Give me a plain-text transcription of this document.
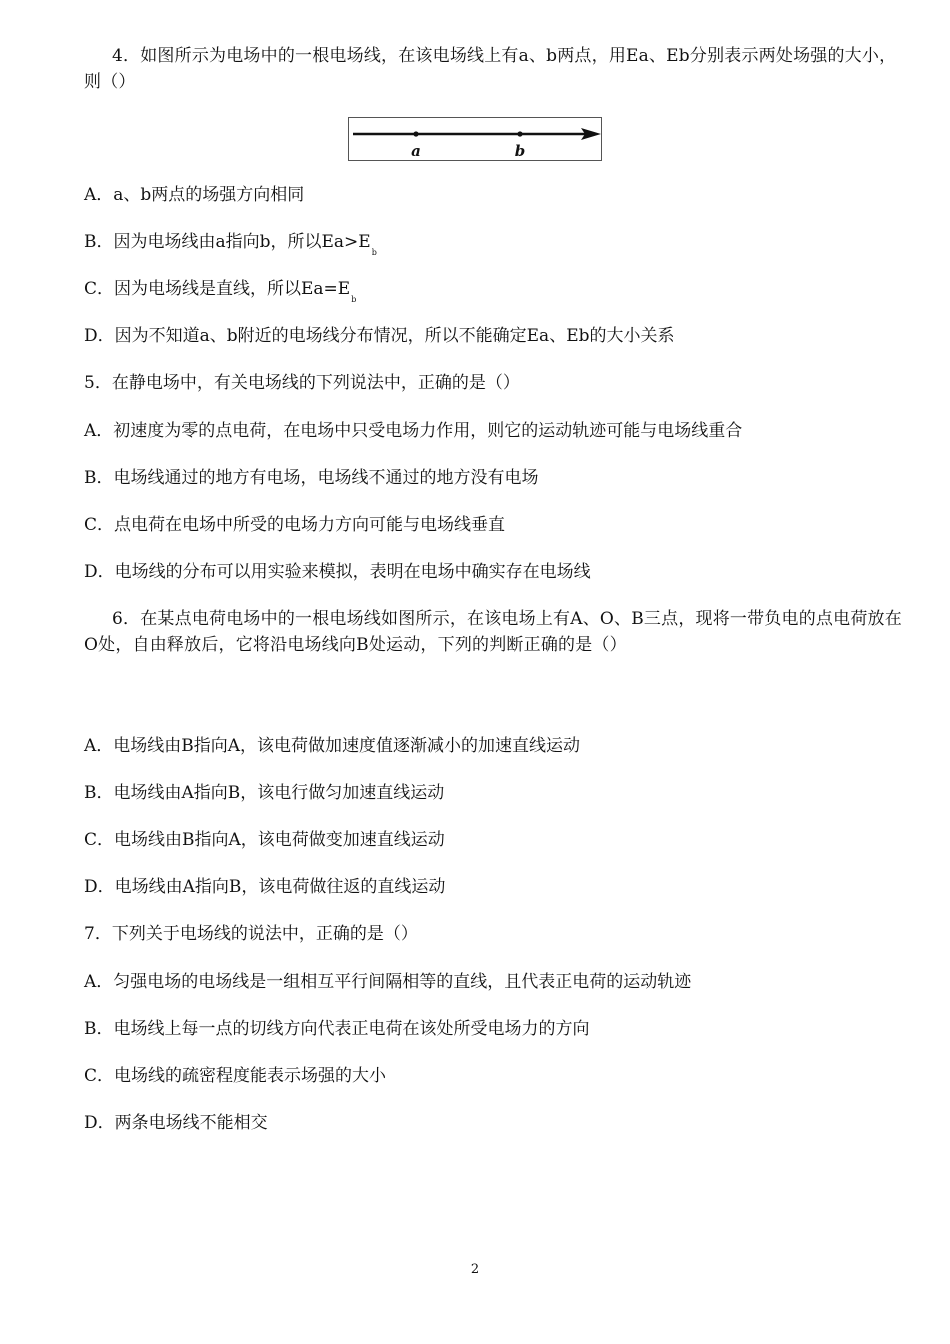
4．如图所示为电场中的一根电场线，在该电场线上有a、b两点，用Ea、Eb分别表示两处场强的大小，则（）
a	b
A．a、b两点的场强方向相同
B．因为电场线由a指向b，所以$Ea>E_b$
C．因为电场线是直线，所以$Ea=E_b$
D．因为不知道a、b附近的电场线分布情况，所以不能确定Ea、Eb的大小关系
5．在静电场中，有关电场线的下列说法中，正确的是（）
A．初速度为零的点电荷，在电场中只受电场力作用，则它的运动轨迹可能与电场线重合
B．电场线通过的地方有电场，电场线不通过的地方没有电场
C．点电荷在电场中所受的电场力方向可能与电场线垂直
D．电场线的分布可以用实验来模拟，表明在电场中确实存在电场线
6．在某点电荷电场中的一根电场线如图所示，在该电场上有A、O、B三点，现将一带负电的点电荷放在O处，自由释放后，它将沿电场线向B处运动，下列的判断正确的是（）
A．电场线由B指向A，该电荷做加速度值逐渐减小的加速直线运动
B．电场线由A指向B，该电行做匀加速直线运动
C．电场线由B指向A，该电荷做变加速直线运动
D．电场线由A指向B，该电荷做往返的直线运动
7．下列关于电场线的说法中，正确的是（）
A．匀强电场的电场线是一组相互平行间隔相等的直线，且代表正电荷的运动轨迹
B．电场线上每一点的切线方向代表正电荷在该处所受电场力的方向
C．电场线的疏密程度能表示场强的大小
D．两条电场线不能相交
2
